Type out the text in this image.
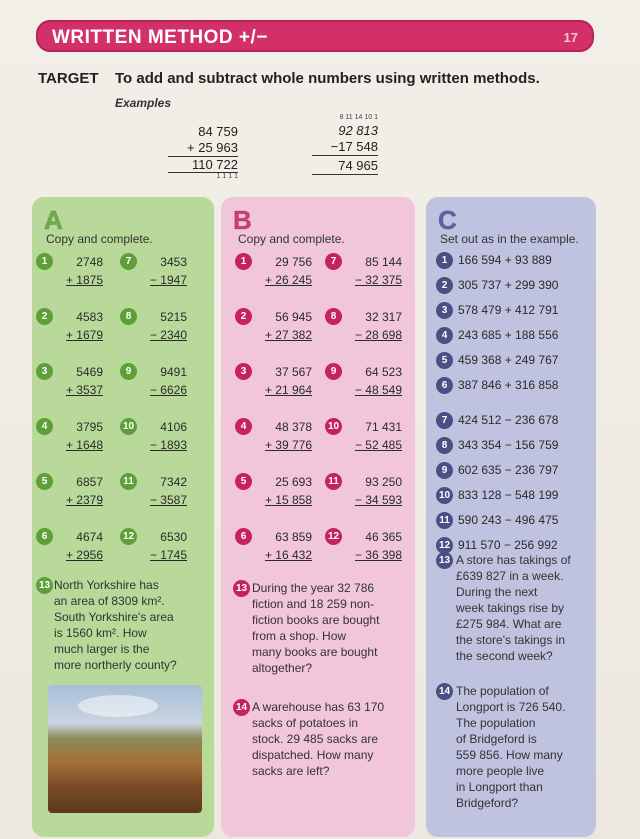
WRITTEN METHOD +/−	17
TARGET To add and subtract whole numbers using written methods.
Examples
84 759
+ 25 963
110 722
1 1 1 1
8 11 14 10 1
92 813
−17 548
74 965
A
Copy and complete.
1	2748
+ 1875
7	3453
− 1947
2	4583
+ 1679
8	5215
− 2340
3	5469
+ 3537
9	9491
− 6626
4	3795
+ 1648
10	4106
− 1893
5	6857
+ 2379
11	7342
− 3587
6	4674
+ 2956
12	6530
− 1745
13 North Yorkshire has
an area of 8309 km².
South Yorkshire's area
is 1560 km². How
much larger is the
more northerly county?
B
Copy and complete.
1	29 756
+ 26 245
7	85 144
− 32 375
2	56 945
+ 27 382
8	32 317
− 28 698
3	37 567
+ 21 964
9	64 523
− 48 549
4	48 378
+ 39 776
10	71 431
− 52 485
5	25 693
+ 15 858
11	93 250
− 34 593
6	63 859
+ 16 432
12	46 365
− 36 398
13 During the year 32 786
fiction and 18 259 non-
fiction books are bought
from a shop. How
many books are bought
altogether?
14 A warehouse has 63 170
sacks of potatoes in
stock. 29 485 sacks are
dispatched. How many
sacks are left?
C
Set out as in the example.
1 166 594 + 93 889
2 305 737 + 299 390
3 578 479 + 412 791
4 243 685 + 188 556
5 459 368 + 249 767
6 387 846 + 316 858
7 424 512 − 236 678
8 343 354 − 156 759
9 602 635 − 236 797
10 833 128 − 548 199
11 590 243 − 496 475
12 911 570 − 256 992
13 A store has takings of
£639 827 in a week.
During the next
week takings rise by
£275 984. What are
the store's takings in
the second week?
14 The population of
Longport is 726 540.
The population
of Bridgeford is
559 856. How many
more people live
in Longport than
Bridgeford?
